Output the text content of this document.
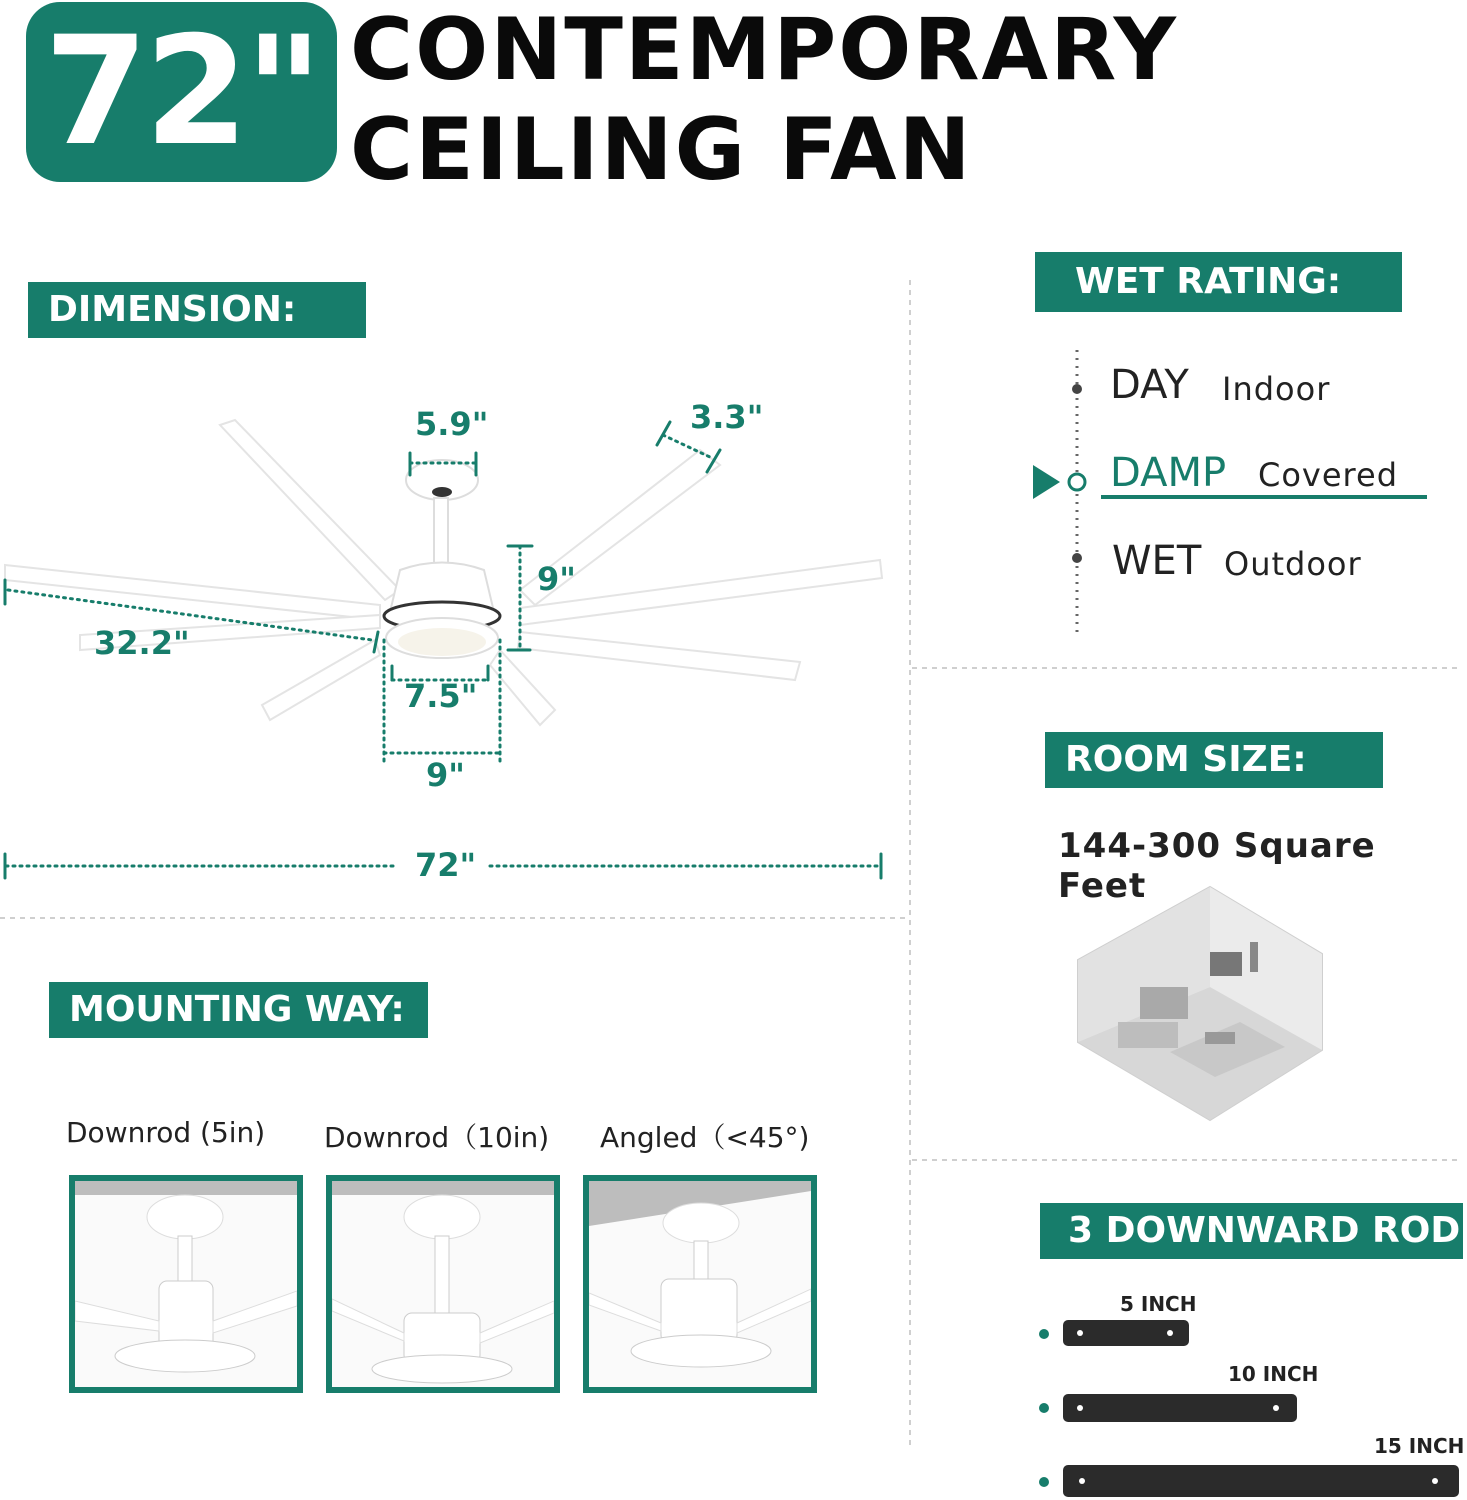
72" CONTEMPORARY
CEILING FAN
DIMENSION:
5.9"	3.3"
9"
32.2"
7.5"
9"
72"
WET RATING:
DAY Indoor
DAMP Covered
WET Outdoor
ROOM SIZE:
144-300 Square Feet
MOUNTING WAY:
Downrod (5in) Downrod（10in) Angled（<45°)
3 DOWNWARD ROD
5 INCH
10 INCH
15 INCH
